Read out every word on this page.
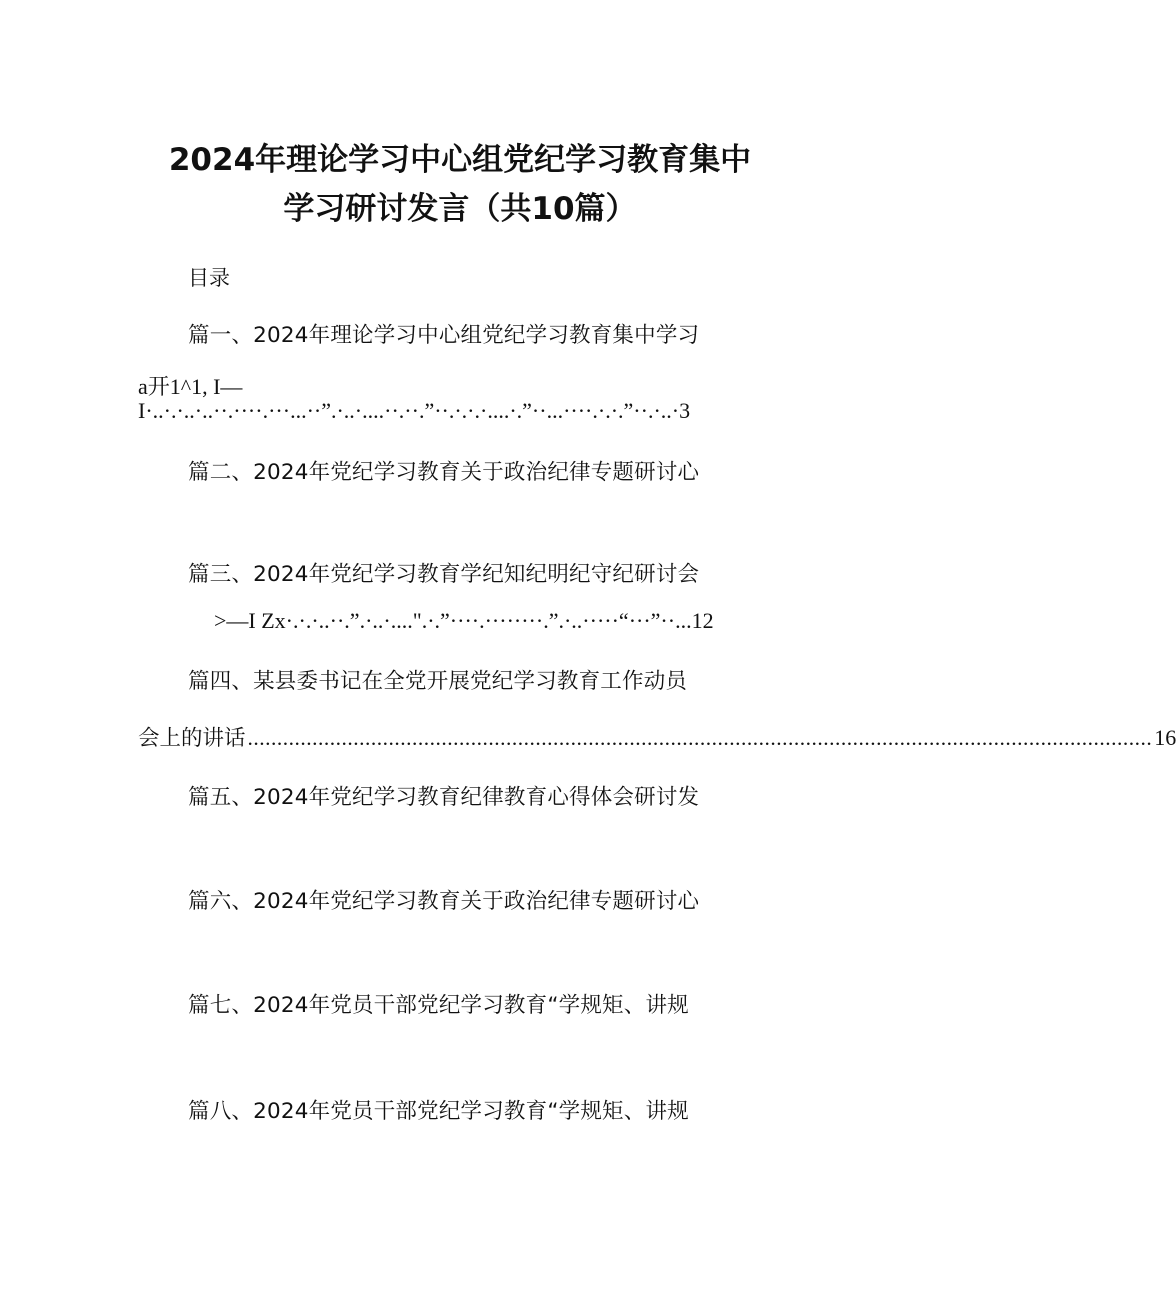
2024年理论学习中心组党纪学习教育集中
学习研讨发言（共10篇）
目录
篇一、2024年理论学习中心组党纪学习教育集中学习
a开1^1, I—
I·..·.·..·..··.····.···...··”.·..·....··.··.”··.·.·.·....·.”··...····.·.·.”··.·..·3
篇二、2024年党纪学习教育关于政治纪律专题研讨心
篇三、2024年党纪学习教育学纪知纪明纪守纪研讨会
>—I Zx·.·.·..··.”.·..·....".·.”····.········.”.·..·····“···”··...12
篇四、某县委书记在全党开展党纪学习教育工作动员
会上的讲话 .......................................................................................................................................................... 16
篇五、2024年党纪学习教育纪律教育心得体会研讨发
篇六、2024年党纪学习教育关于政治纪律专题研讨心
篇七、2024年党员干部党纪学习教育“学规矩、讲规
篇八、2024年党员干部党纪学习教育“学规矩、讲规
